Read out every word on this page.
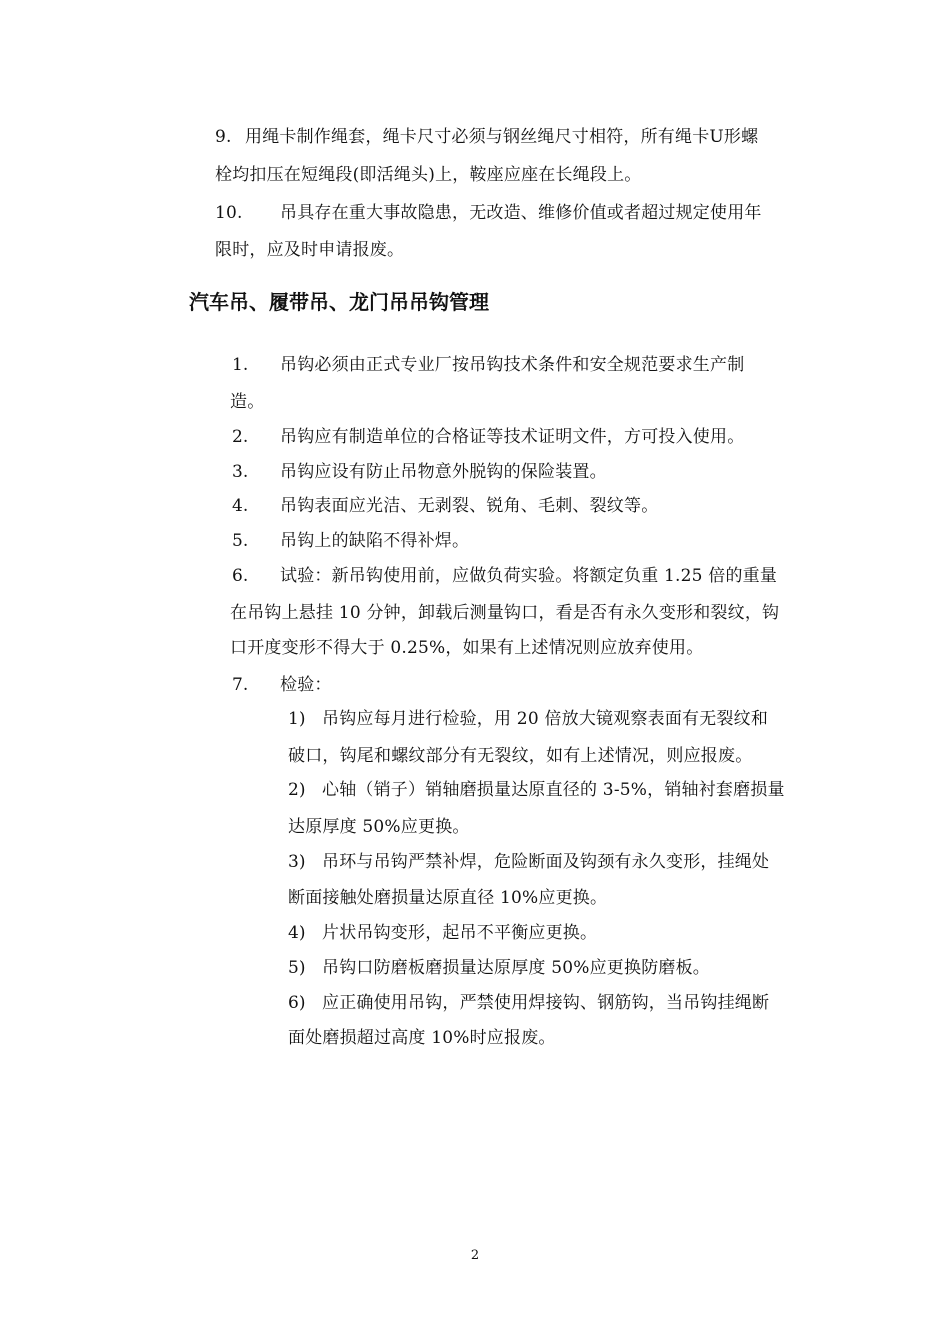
9. 用绳卡制作绳套，绳卡尺寸必须与钢丝绳尺寸相符，所有绳卡U形螺
栓均扣压在短绳段(即活绳头)上，鞍座应座在长绳段上。
10. 吊具存在重大事故隐患，无改造、维修价值或者超过规定使用年
限时，应及时申请报废。
汽车吊、履带吊、龙门吊吊钩管理
1. 吊钩必须由正式专业厂按吊钩技术条件和安全规范要求生产制
造。
2. 吊钩应有制造单位的合格证等技术证明文件，方可投入使用。
3. 吊钩应设有防止吊物意外脱钩的保险装置。
4. 吊钩表面应光洁、无剥裂、锐角、毛刺、裂纹等。
5. 吊钩上的缺陷不得补焊。
6. 试验：新吊钩使用前，应做负荷实验。将额定负重 1.25 倍的重量
在吊钩上悬挂 10 分钟，卸载后测量钩口，看是否有永久变形和裂纹，钩
口开度变形不得大于 0.25%，如果有上述情况则应放弃使用。
7. 检验：
1) 吊钩应每月进行检验，用 20 倍放大镜观察表面有无裂纹和
破口，钩尾和螺纹部分有无裂纹，如有上述情况，则应报废。
2) 心轴（销子）销轴磨损量达原直径的 3-5%，销轴衬套磨损量
达原厚度 50%应更换。
3) 吊环与吊钩严禁补焊，危险断面及钩颈有永久变形，挂绳处
断面接触处磨损量达原直径 10%应更换。
4) 片状吊钩变形，起吊不平衡应更换。
5) 吊钩口防磨板磨损量达原厚度 50%应更换防磨板。
6) 应正确使用吊钩，严禁使用焊接钩、钢筋钩，当吊钩挂绳断
面处磨损超过高度 10%时应报废。
2
